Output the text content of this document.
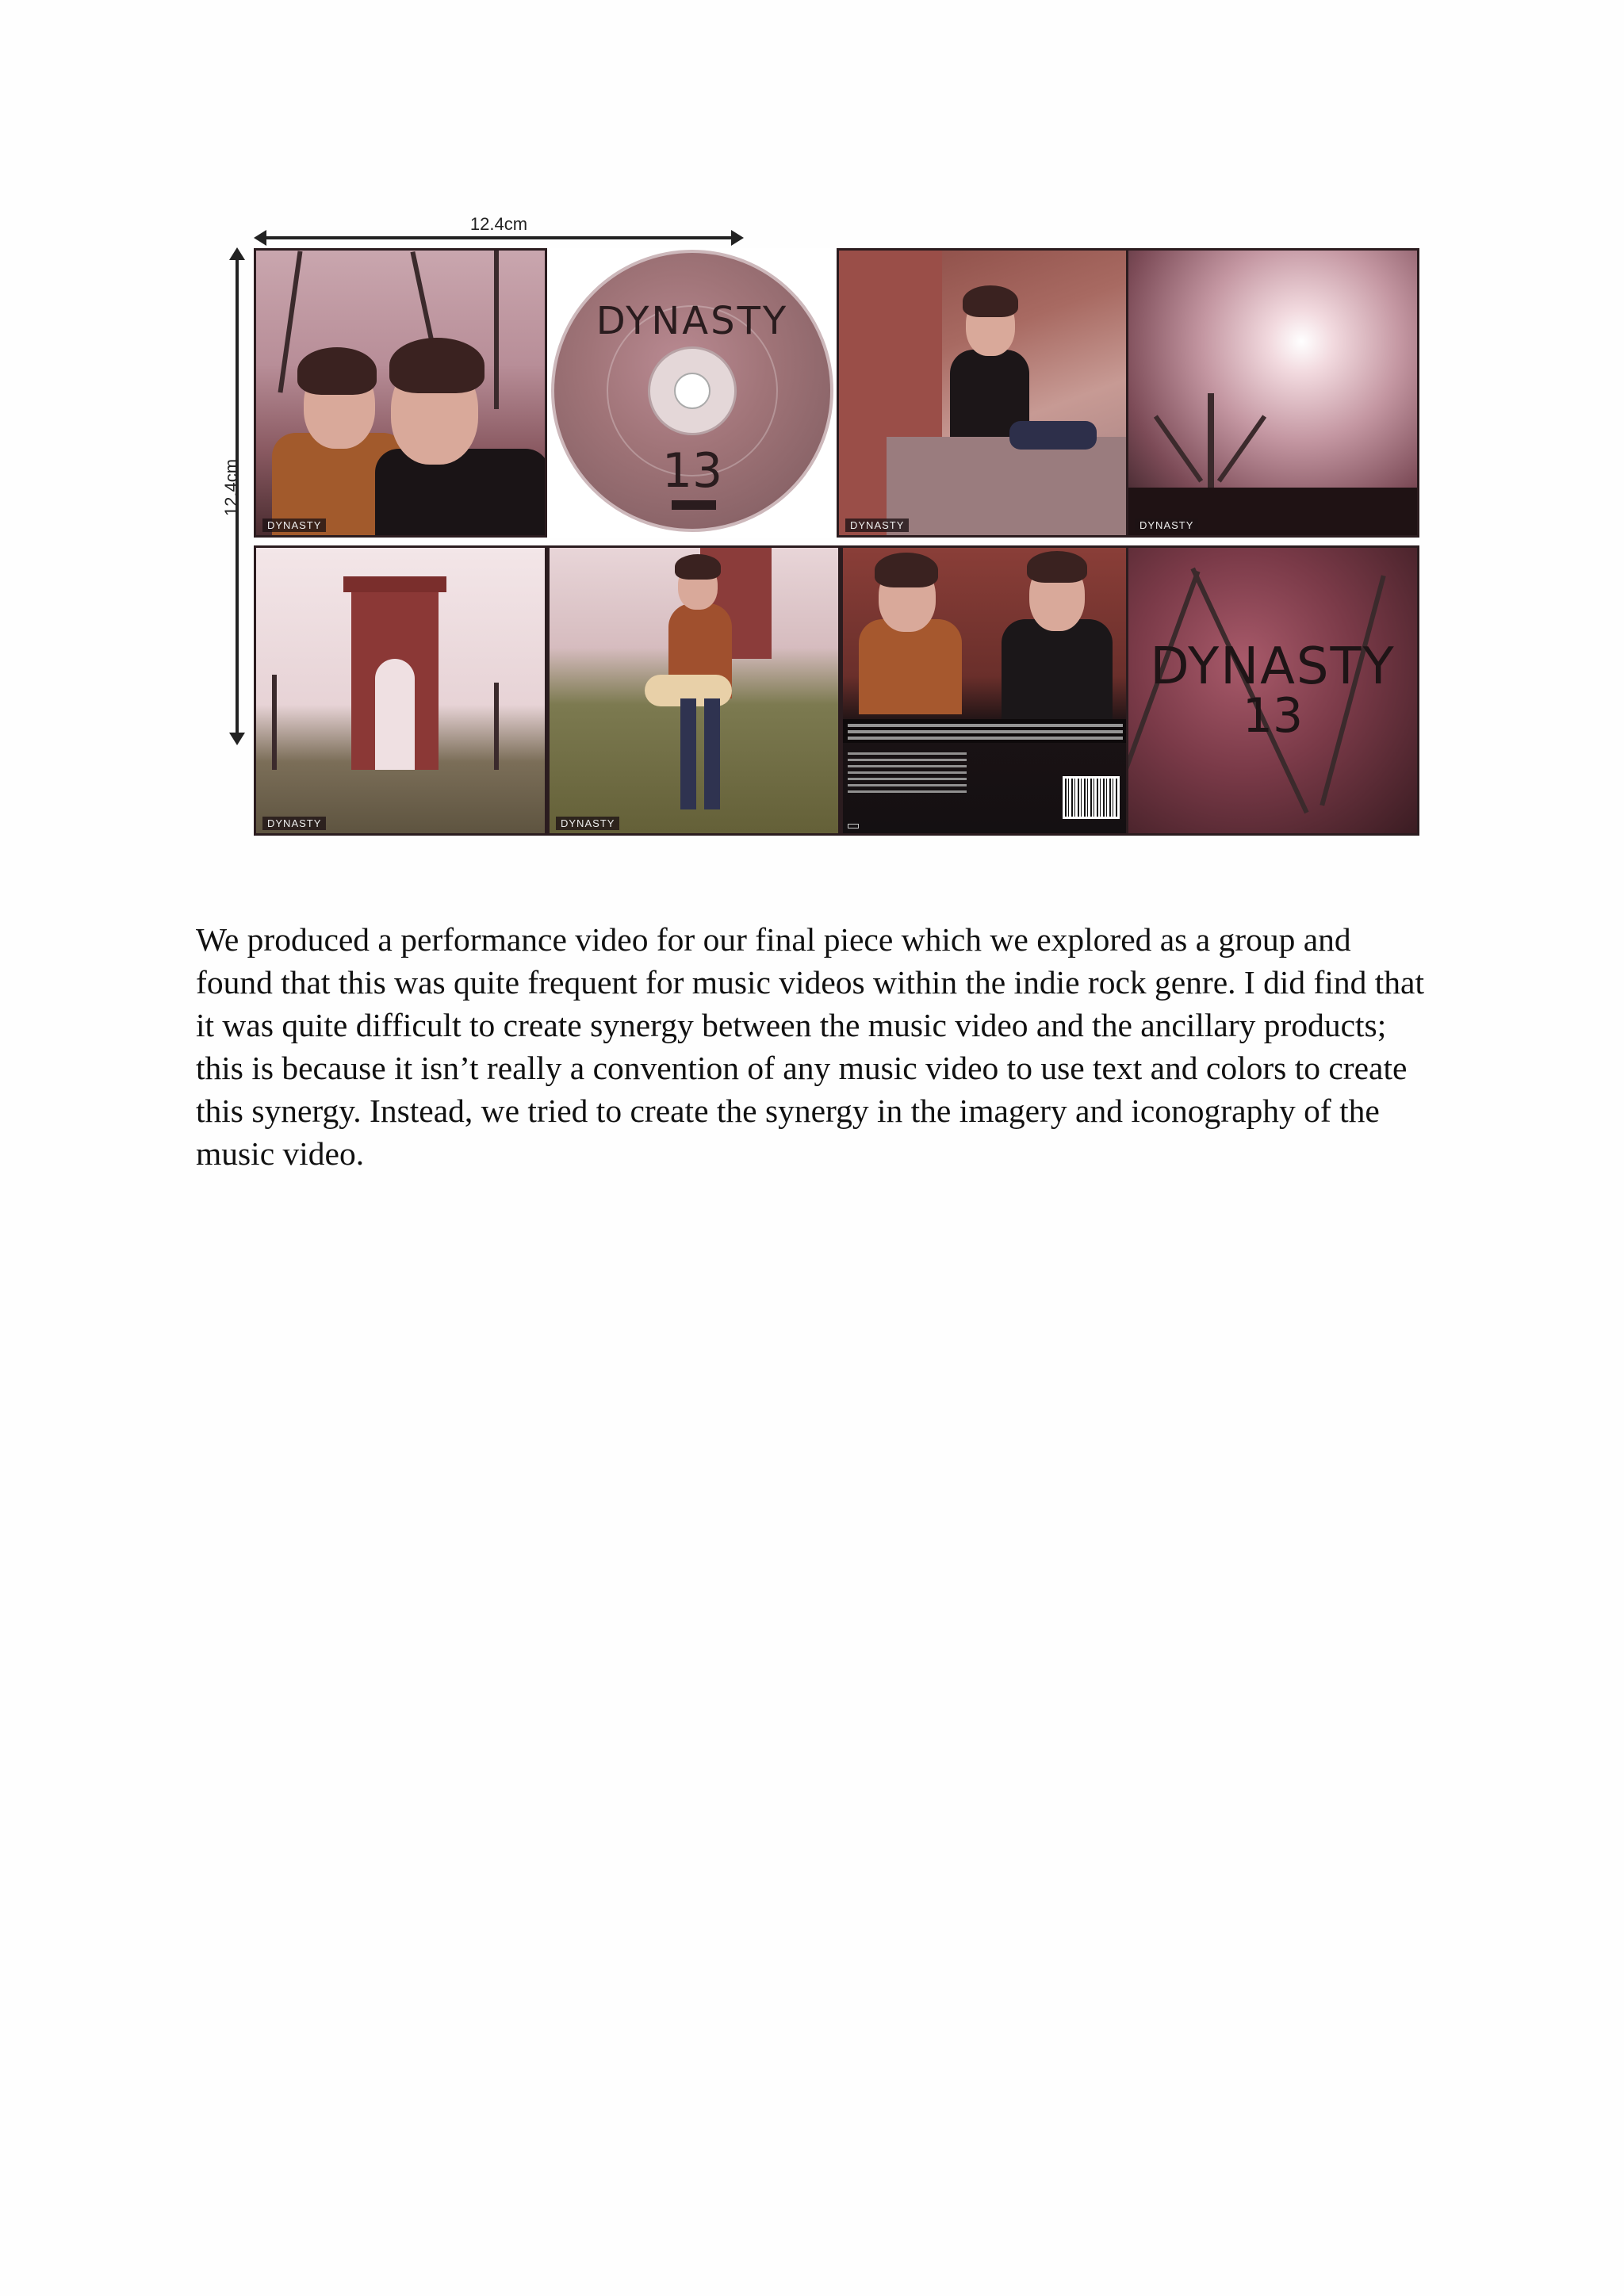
12.4cm
12.4cm
DYNASTY
DYNASTY
13
DYNASTY	DYNASTY
DYNASTY	DYNASTY
DYNASTY
13

We produced a performance video for our final piece which we explored as a group and found that this was quite frequent for music videos within the indie rock genre. I did find that it was quite difficult to create synergy between the music video and the ancillary products; this is because it isn’t really a convention of any music video to use text and colors to create this synergy. Instead, we tried to create the synergy in the imagery and iconography of the music video.
